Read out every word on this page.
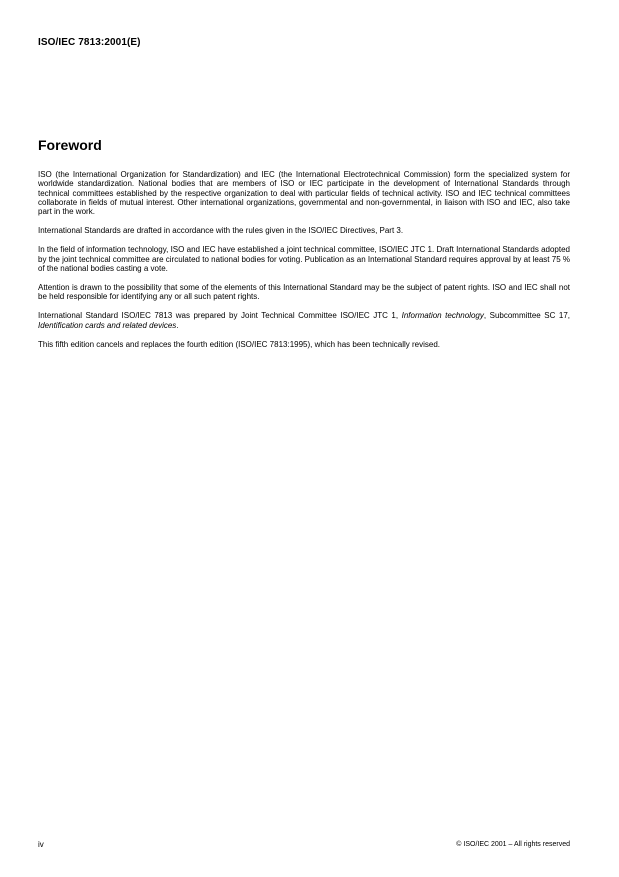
ISO/IEC 7813:2001(E)
Foreword

ISO (the International Organization for Standardization) and IEC (the International Electrotechnical Commission) form the specialized system for worldwide standardization. National bodies that are members of ISO or IEC participate in the development of International Standards through technical committees established by the respective organization to deal with particular fields of technical activity. ISO and IEC technical committees collaborate in fields of mutual interest. Other international organizations, governmental and non-governmental, in liaison with ISO and IEC, also take part in the work.

International Standards are drafted in accordance with the rules given in the ISO/IEC Directives, Part 3.

In the field of information technology, ISO and IEC have established a joint technical committee, ISO/IEC JTC 1. Draft International Standards adopted by the joint technical committee are circulated to national bodies for voting. Publication as an International Standard requires approval by at least 75 % of the national bodies casting a vote.

Attention is drawn to the possibility that some of the elements of this International Standard may be the subject of patent rights. ISO and IEC shall not be held responsible for identifying any or all such patent rights.

International Standard ISO/IEC 7813 was prepared by Joint Technical Committee ISO/IEC JTC 1, Information technology, Subcommittee SC 17, Identification cards and related devices.

This fifth edition cancels and replaces the fourth edition (ISO/IEC 7813:1995), which has been technically revised.

iv	© ISO/IEC 2001 – All rights reserved
